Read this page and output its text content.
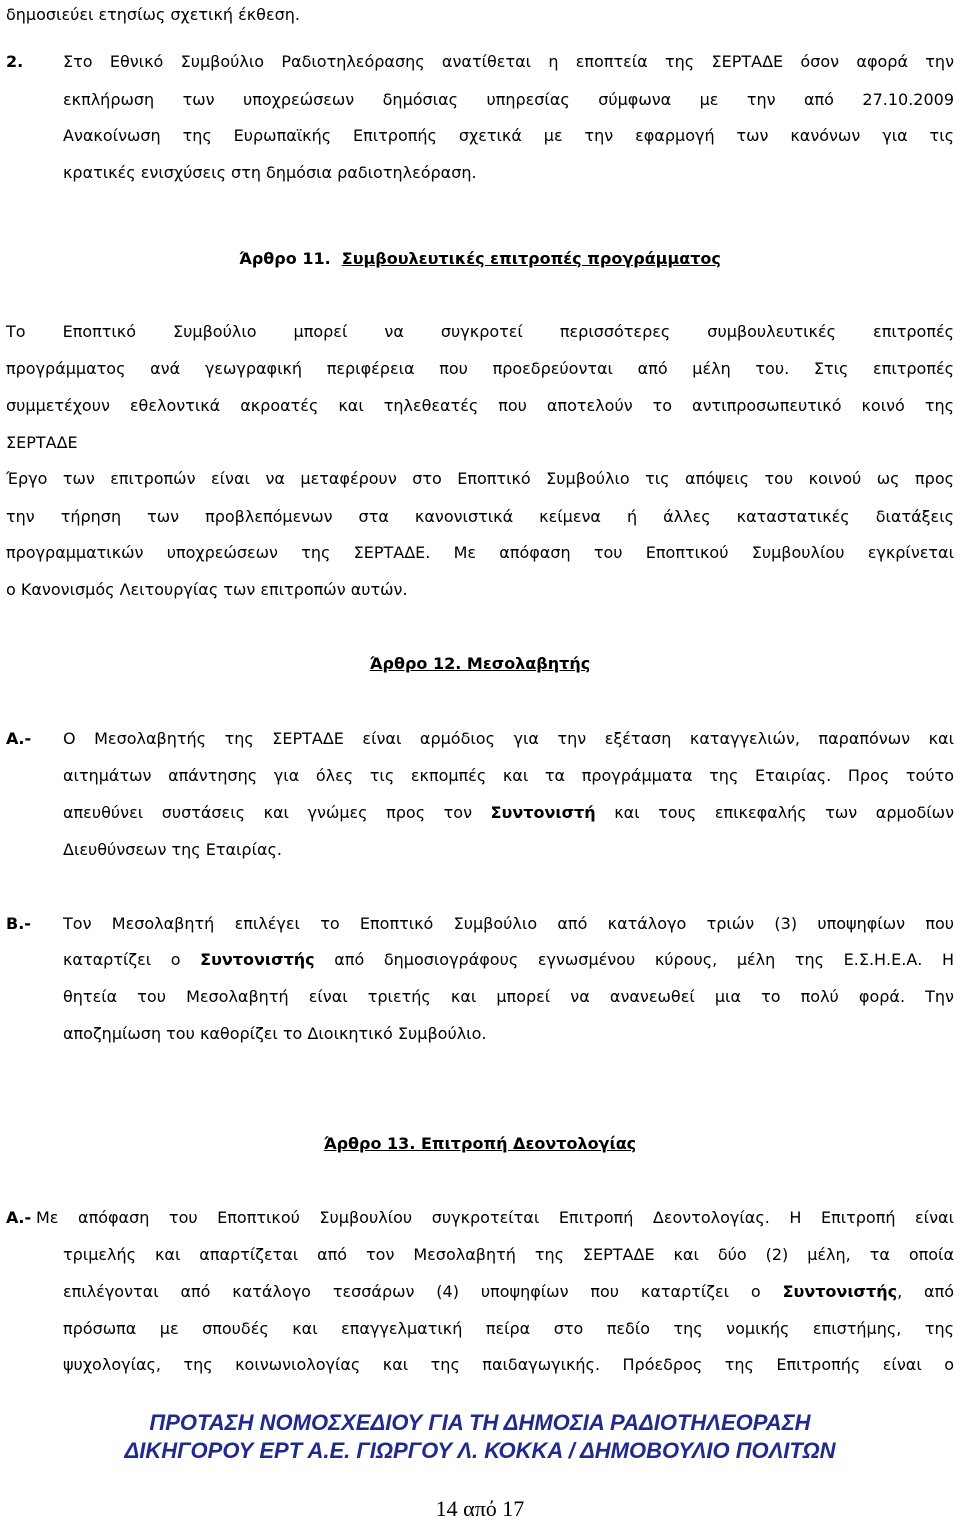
δημοσιεύει ετησίως σχετική έκθεση.
2. Στο Εθνικό Συμβούλιο Ραδιοτηλεόρασης ανατίθεται η εποπτεία της ΣΕΡΤΑΔΕ όσον αφορά την
εκπλήρωση των υποχρεώσεων δημόσιας υπηρεσίας σύμφωνα με την από 27.10.2009
Ανακοίνωση της Ευρωπαϊκής Επιτροπής σχετικά με την εφαρμογή των κανόνων για τις
κρατικές ενισχύσεις στη δημόσια ραδιοτηλεόραση.
Άρθρο 11. Συμβουλευτικές επιτροπές προγράμματος
Το Εποπτικό Συμβούλιο μπορεί να συγκροτεί περισσότερες συμβουλευτικές επιτροπές
προγράμματος ανά γεωγραφική περιφέρεια που προεδρεύονται από μέλη του. Στις επιτροπές
συμμετέχουν εθελοντικά ακροατές και τηλεθεατές που αποτελούν το αντιπροσωπευτικό κοινό της
ΣΕΡΤΑΔΕ
Έργο των επιτροπών είναι να μεταφέρουν στο Εποπτικό Συμβούλιο τις απόψεις του κοινού ως προς
την τήρηση των προβλεπόμενων στα κανονιστικά κείμενα ή άλλες καταστατικές διατάξεις
προγραμματικών υποχρεώσεων της ΣΕΡΤΑΔΕ. Με απόφαση του Εποπτικού Συμβουλίου εγκρίνεται
ο Κανονισμός Λειτουργίας των επιτροπών αυτών.
Άρθρο 12. Μεσολαβητής
Α.- Ο Μεσολαβητής της ΣΕΡΤΑΔΕ είναι αρμόδιος για την εξέταση καταγγελιών, παραπόνων και
αιτημάτων απάντησης για όλες τις εκπομπές και τα προγράμματα της Εταιρίας. Προς τούτο
απευθύνει συστάσεις και γνώμες προς τον Συντονιστή και τους επικεφαλής των αρμοδίων
Διευθύνσεων της Εταιρίας.
Β.- Τον Μεσολαβητή επιλέγει το Εποπτικό Συμβούλιο από κατάλογο τριών (3) υποψηφίων που
καταρτίζει ο Συντονιστής από δημοσιογράφους εγνωσμένου κύρους, μέλη της Ε.Σ.Η.Ε.Α. Η
θητεία του Μεσολαβητή είναι τριετής και μπορεί να ανανεωθεί μια το πολύ φορά. Την
αποζημίωση του καθορίζει το Διοικητικό Συμβούλιο.
Άρθρο 13. Επιτροπή Δεοντολογίας
Α.- Με απόφαση του Εποπτικού Συμβουλίου συγκροτείται Επιτροπή Δεοντολογίας. Η Επιτροπή είναι
τριμελής και απαρτίζεται από τον Μεσολαβητή της ΣΕΡΤΑΔΕ και δύο (2) μέλη, τα οποία
επιλέγονται από κατάλογο τεσσάρων (4) υποψηφίων που καταρτίζει ο Συντονιστής, από
πρόσωπα με σπουδές και επαγγελματική πείρα στο πεδίο της νομικής επιστήμης, της
ψυχολογίας, της κοινωνιολογίας και της παιδαγωγικής. Πρόεδρος της Επιτροπής είναι ο
ΠΡΟΤΑΣΗ ΝΟΜΟΣΧΕΔΙΟΥ ΓΙΑ ΤΗ ΔΗΜΟΣΙΑ ΡΑΔΙΟΤΗΛΕΟΡΑΣΗ
ΔΙΚΗΓΟΡΟΥ ΕΡΤ Α.Ε. ΓΙΩΡΓΟΥ Λ. ΚΟΚΚΑ / ΔΗΜΟΒΟΥΛΙΟ ΠΟΛΙΤΩΝ
14 από 17
